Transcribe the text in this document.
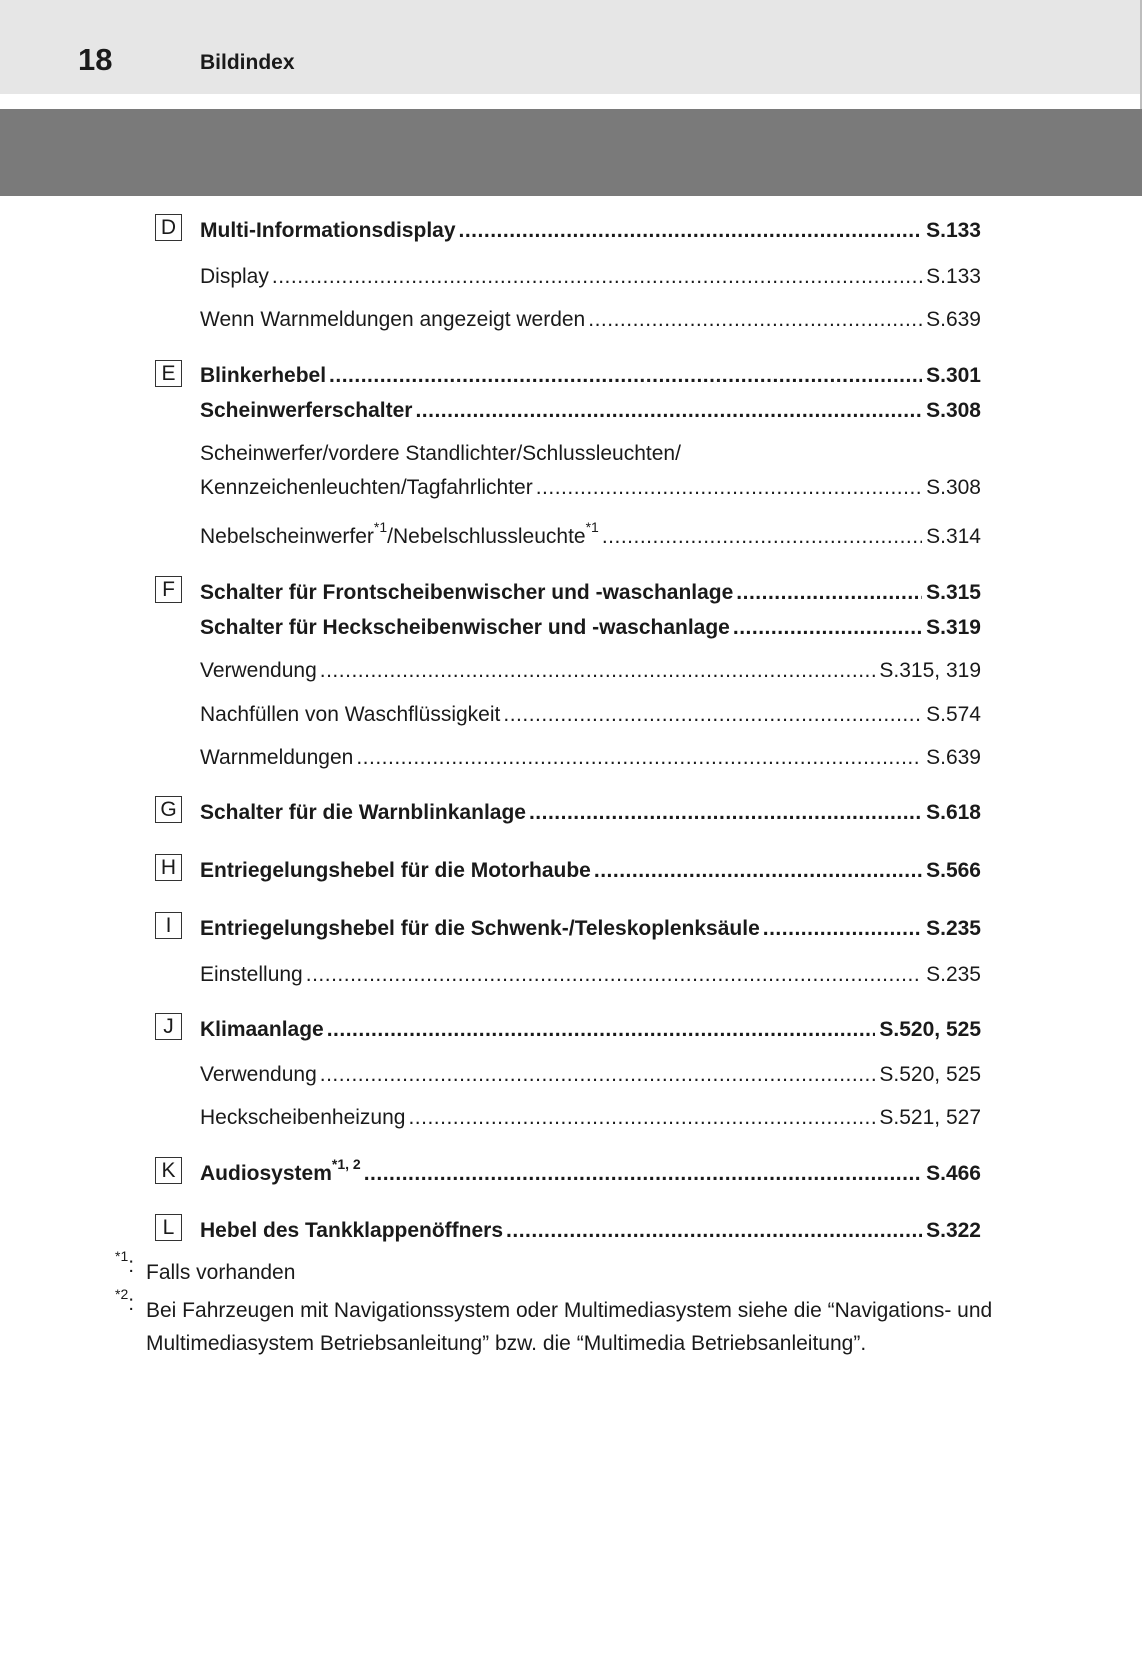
18	Bildindex
D Multi-Informationsdisplay .....	S.133
Display .....	S.133
Wenn Warnmeldungen angezeigt werden .....	S.639
E	Blinkerhebel .....	S.301
Scheinwerferschalter .....	S.308
Scheinwerfer/vordere Standlichter/Schlussleuchten/
Kennzeichenleuchten/Tagfahrlichter .....	S.308
Nebelscheinwerfer$^{*1}$/Nebelschlussleuchte$^{*1}$ .....	S.314
F	Schalter für Frontscheibenwischer und -waschanlage .....	S.315
Schalter für Heckscheibenwischer und -waschanlage .....	S.319
Verwendung .....	S.315, 319
Nachfüllen von Waschflüssigkeit .....	S.574
Warnmeldungen .....	S.639
G Schalter für die Warnblinkanlage .....	S.618
H Entriegelungshebel für die Motorhaube .....	S.566
I	Entriegelungshebel für die Schwenk-/Teleskoplenksäule .....	S.235
Einstellung .....	S.235
J	Klimaanlage .....	S.520, 525
Verwendung .....	S.520, 525
Heckscheibenheizung .....	S.521, 527
K	Audiosystem$^{*1, 2}$ .....	S.466
L	Hebel des Tankklappenöffners .....	S.322
$^{*1}$: Falls vorhanden
$^{*2}$: Bei Fahrzeugen mit Navigationssystem oder Multimediasystem siehe die “Navigations- und
Multimediasystem Betriebsanleitung” bzw. die “Multimedia Betriebsanleitung”.
